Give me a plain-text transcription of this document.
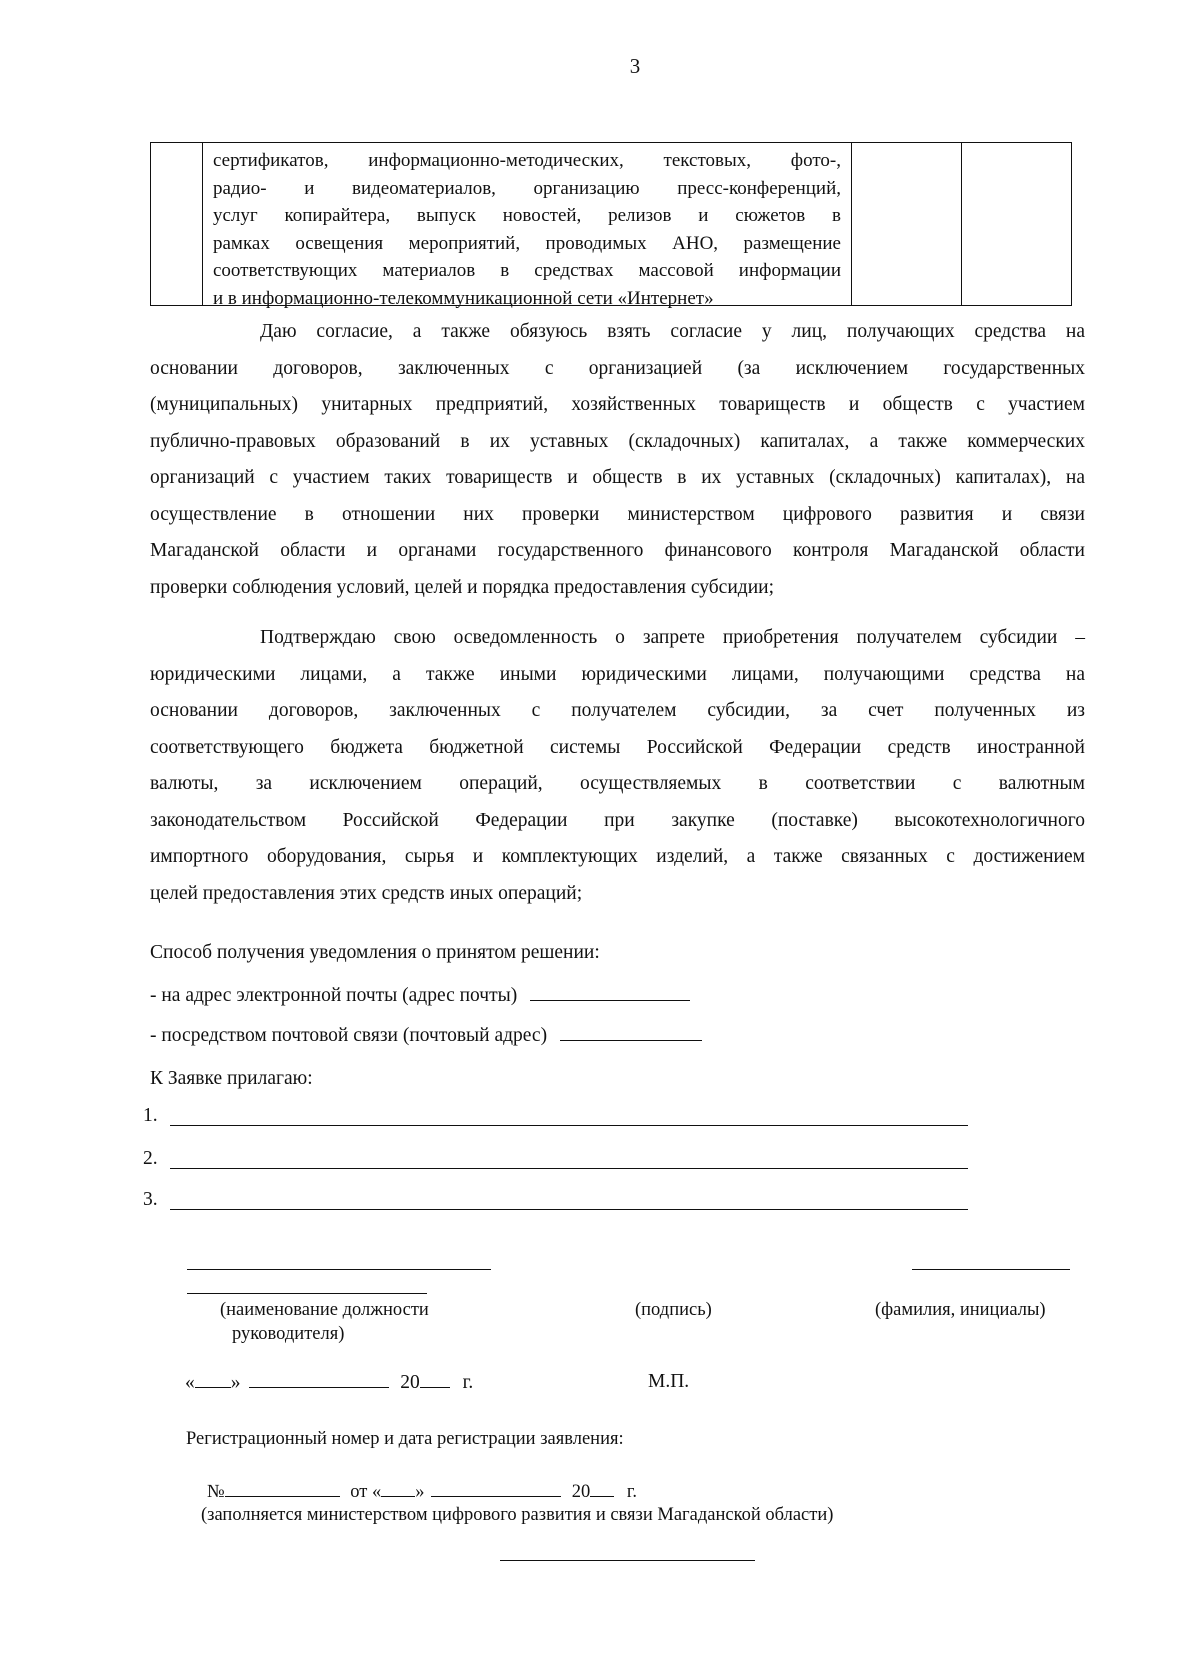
3
сертификатов, информационно-методических, текстовых, фото-,
радио- и видеоматериалов, организацию пресс-конференций,
услуг копирайтера, выпуск новостей, релизов и сюжетов в
рамках освещения мероприятий, проводимых АНО, размещение
соответствующих материалов в средствах массовой информации
и в информационно-телекоммуникационной сети «Интернет»
Даю согласие, а также обязуюсь взять согласие у лиц, получающих средства на
основании договоров, заключенных с организацией (за исключением государственных
(муниципальных) унитарных предприятий, хозяйственных товариществ и обществ с участием
публично-правовых образований в их уставных (складочных) капиталах, а также коммерческих
организаций с участием таких товариществ и обществ в их уставных (складочных) капиталах), на
осуществление в отношении них проверки министерством цифрового развития и связи
Магаданской области и органами государственного финансового контроля Магаданской области
проверки соблюдения условий, целей и порядка предоставления субсидии;
Подтверждаю свою осведомленность о запрете приобретения получателем субсидии –
юридическими лицами, а также иными юридическими лицами, получающими средства на
основании договоров, заключенных с получателем субсидии, за счет полученных из
соответствующего бюджета бюджетной системы Российской Федерации средств иностранной
валюты, за исключением операций, осуществляемых в соответствии с валютным
законодательством Российской Федерации при закупке (поставке) высокотехнологичного
импортного оборудования, сырья и комплектующих изделий, а также связанных с достижением
целей предоставления этих средств иных операций;
Способ получения уведомления о принятом решении:
- на адрес электронной почты (адрес почты)
- посредством почтовой связи (почтовый адрес)
К Заявке прилагаю:
1.
2.
3.
(наименование должности
руководителя)
(подпись)	(фамилия, инициалы)
« »	20 г.	М.П.
Регистрационный номер и дата регистрации заявления:
№	от « »	20 г.
(заполняется министерством цифрового развития и связи Магаданской области)
